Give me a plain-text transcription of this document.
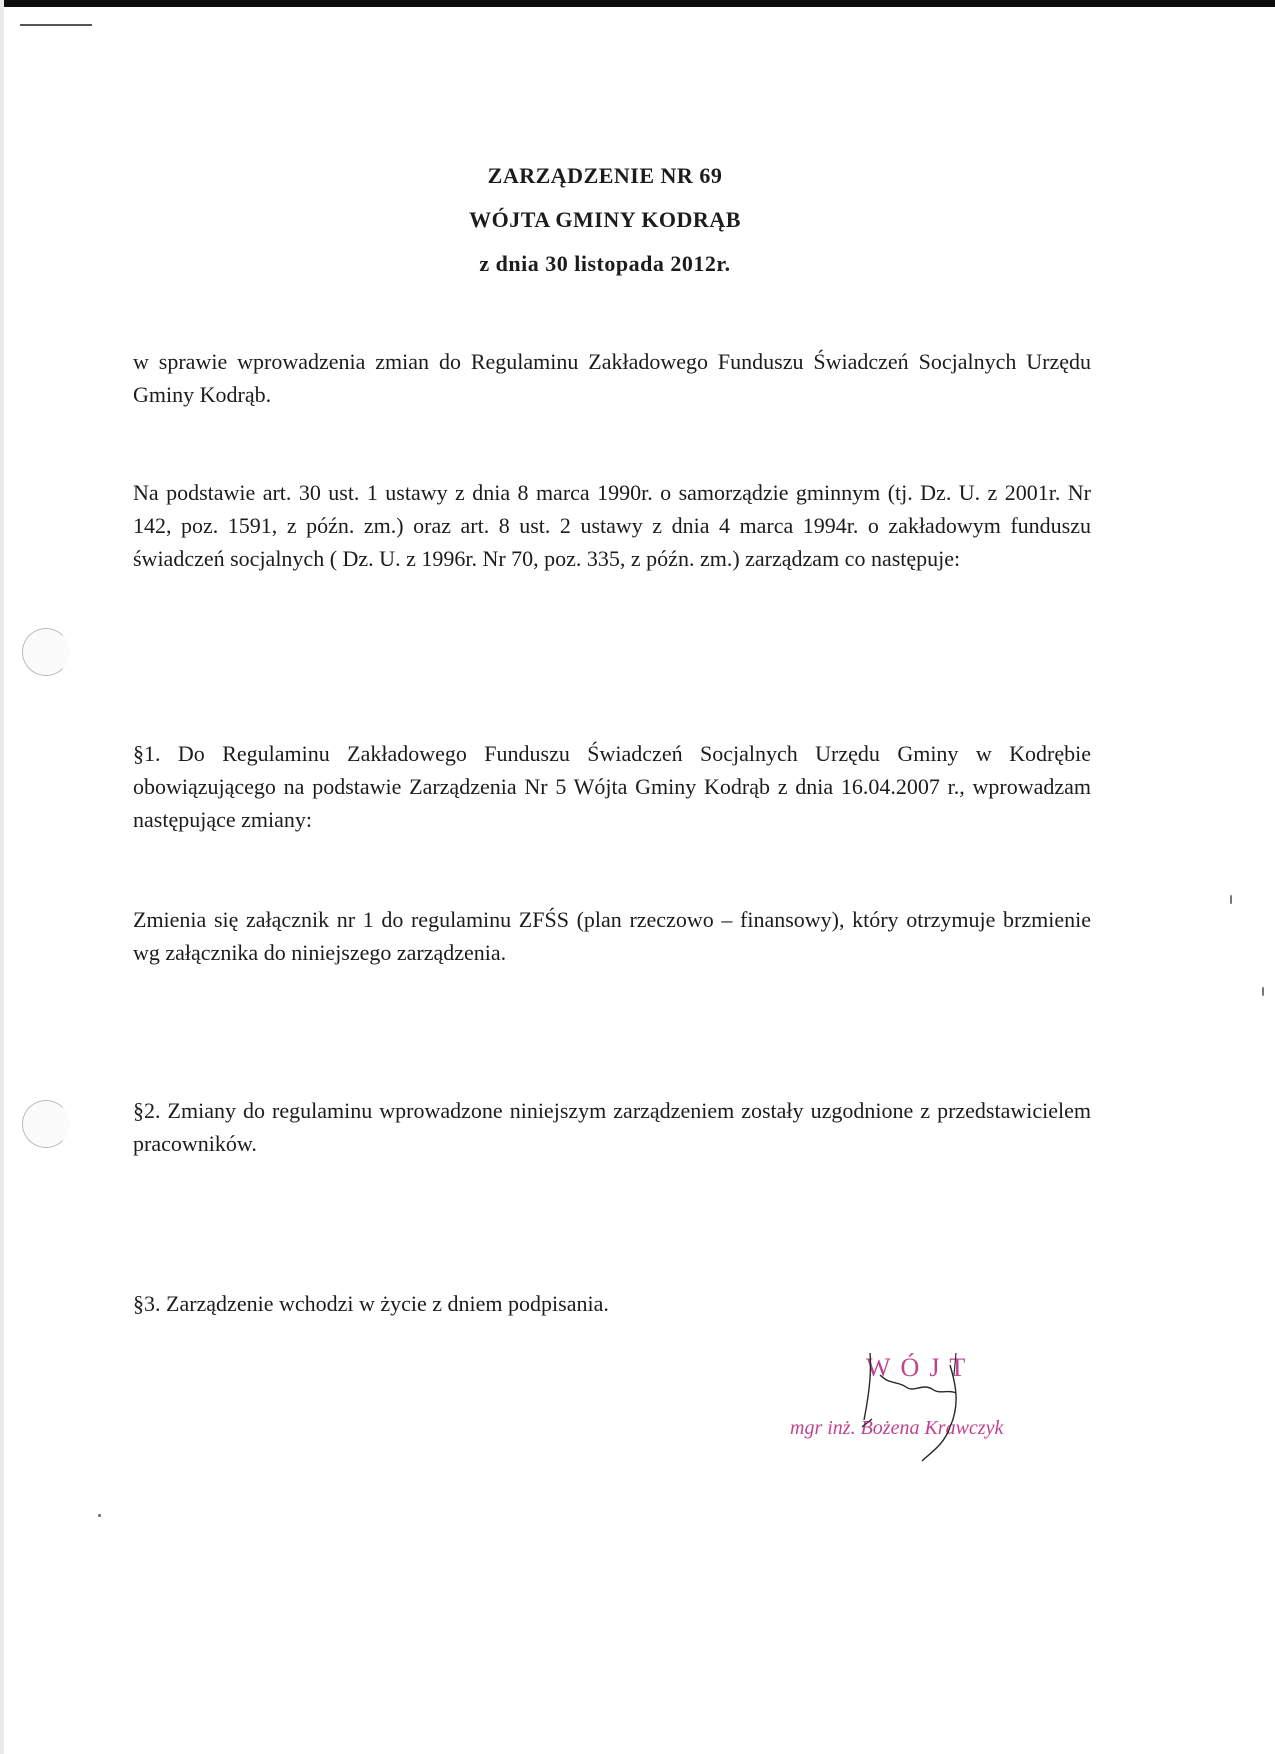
ZARZĄDZENIE NR 69
WÓJTA GMINY KODRĄB
z dnia 30 listopada 2012r.

w sprawie wprowadzenia zmian do Regulaminu Zakładowego Funduszu Świadczeń Socjalnych Urzędu Gminy Kodrąb.

Na podstawie art. 30 ust. 1 ustawy z dnia 8 marca 1990r. o samorządzie gminnym (tj. Dz. U. z 2001r. Nr 142, poz. 1591, z późn. zm.) oraz art. 8 ust. 2 ustawy z dnia 4 marca 1994r. o zakładowym funduszu świadczeń socjalnych ( Dz. U. z 1996r. Nr 70, poz. 335, z późn. zm.) zarządzam co następuje:

§1. Do Regulaminu Zakładowego Funduszu Świadczeń Socjalnych Urzędu Gminy w Kodrębie obowiązującego na podstawie Zarządzenia Nr 5 Wójta Gminy Kodrąb z dnia 16.04.2007 r., wprowadzam następujące zmiany:

Zmienia się załącznik nr 1 do regulaminu ZFŚS (plan rzeczowo – finansowy), który otrzymuje brzmienie wg załącznika do niniejszego zarządzenia.

§2. Zmiany do regulaminu wprowadzone niniejszym zarządzeniem zostały uzgodnione z przedstawicielem pracowników.

§3. Zarządzenie wchodzi w życie z dniem podpisania.

WÓJT
mgr inż. Bożena Krawczyk
